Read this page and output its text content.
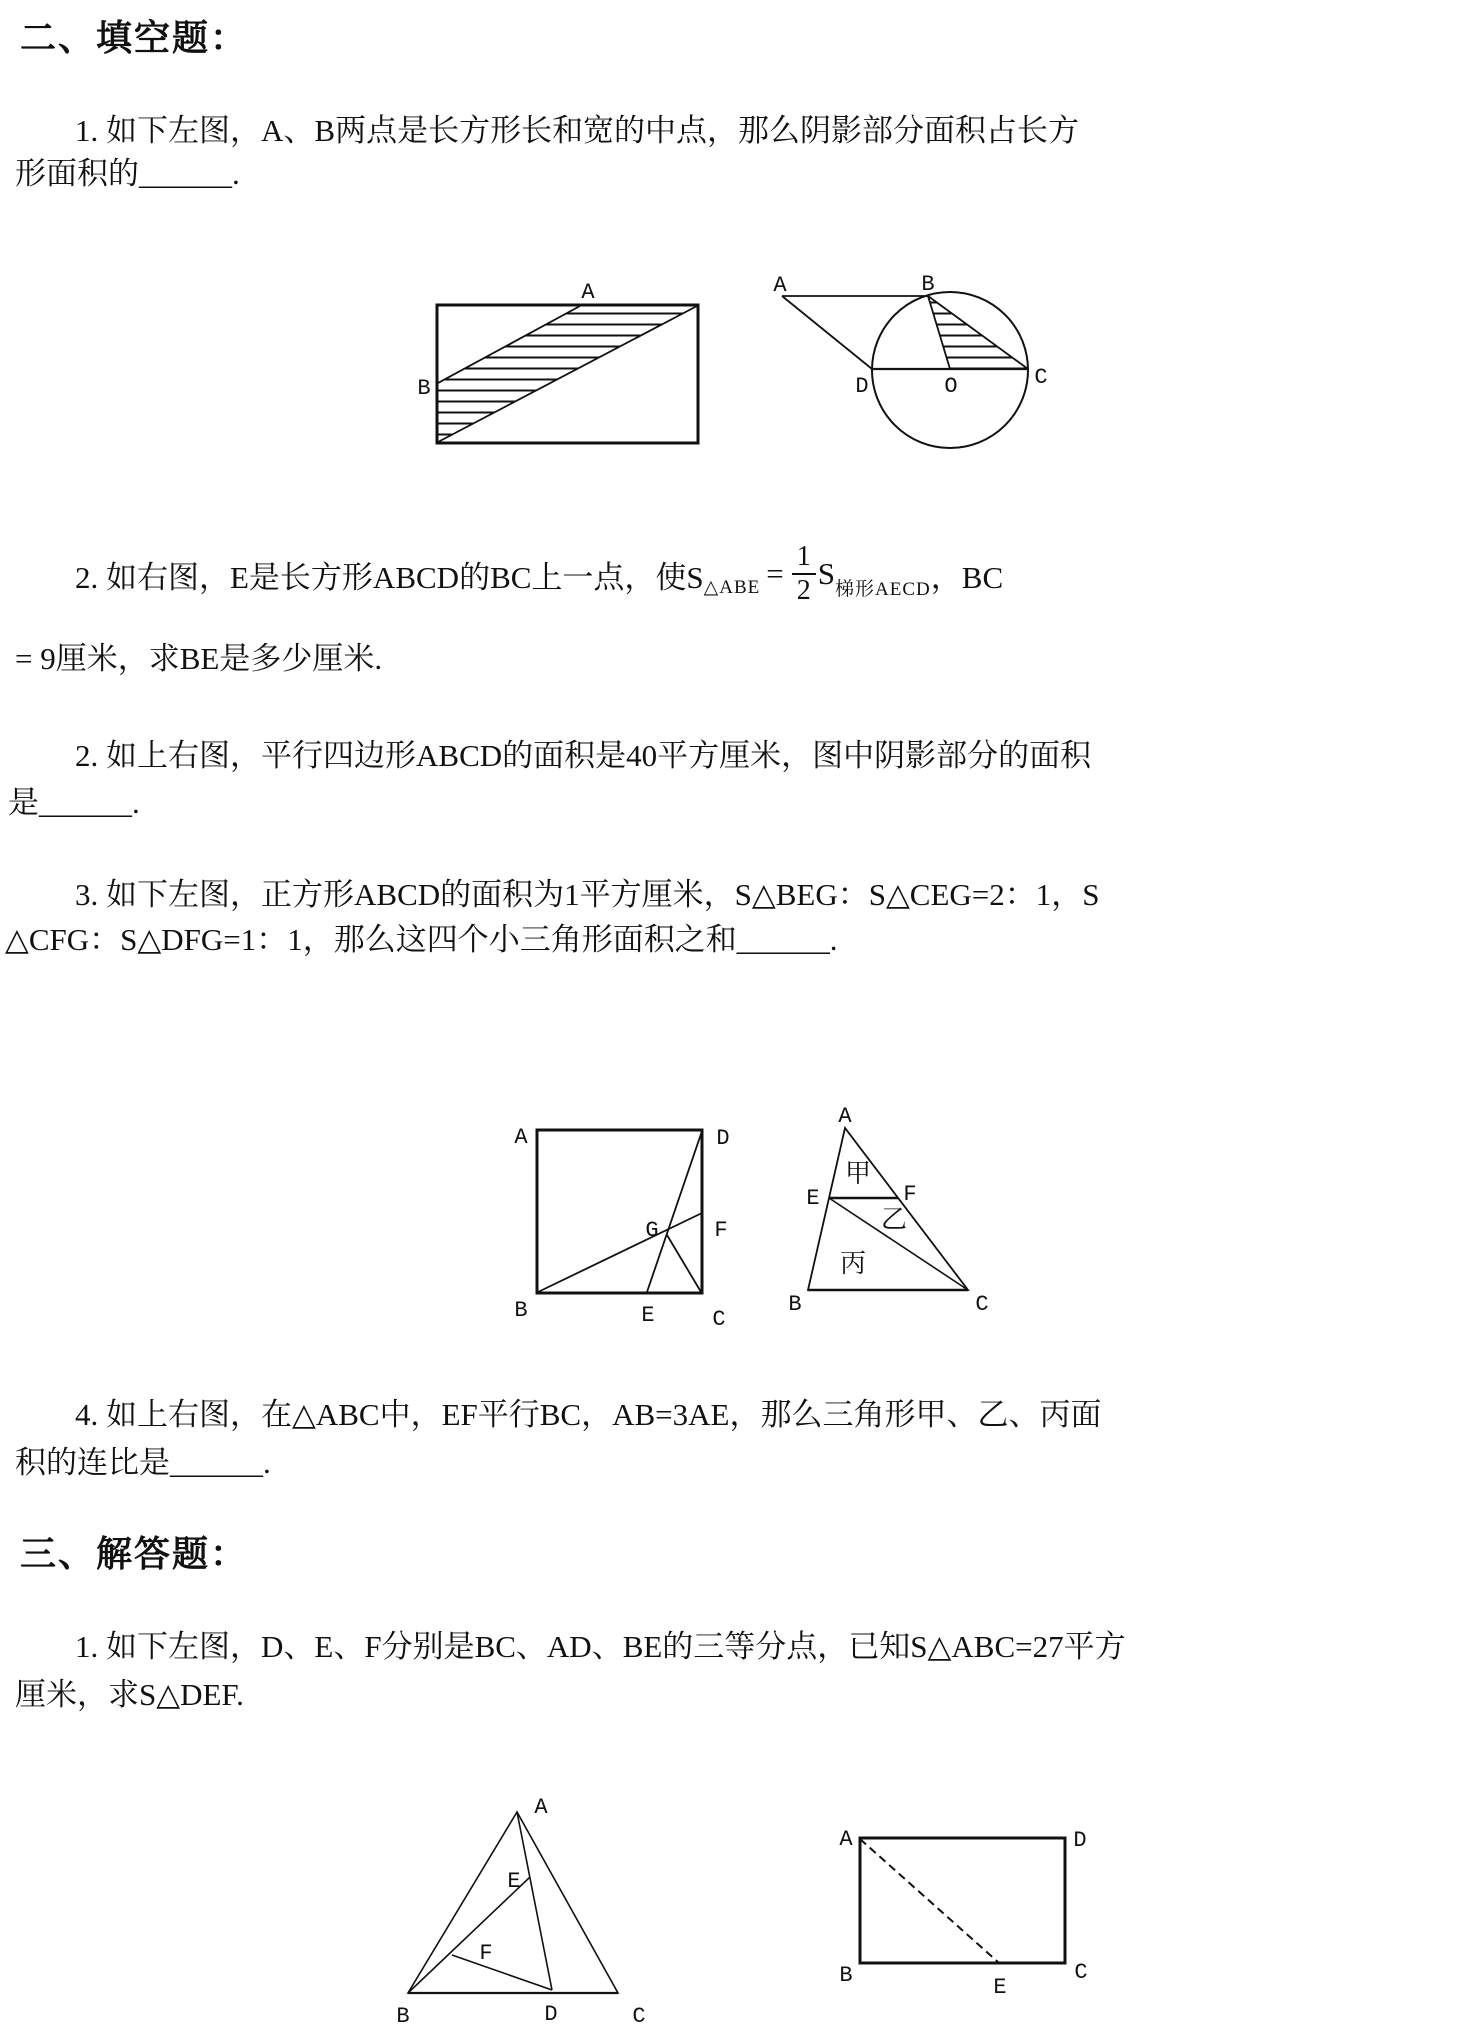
二、填空题：
1. 如下左图，A、B两点是长方形长和宽的中点，那么阴影部分面积占长方
形面积的______.
2. 如右图，E是长方形ABCD的BC上一点，使S △ABE = $\frac{1}{2}$ S 梯形AECD ，BC
= 9厘米，求BE是多少厘米.
2. 如上右图，平行四边形ABCD的面积是40平方厘米，图中阴影部分的面积
是______.
3. 如下左图，正方形ABCD的面积为1平方厘米，S△BEG：S△CEG=2：1，S
△CFG：S△DFG=1：1，那么这四个小三角形面积之和______.
4. 如上右图，在△ABC中，EF平行BC，AB=3AE，那么三角形甲、乙、丙面
积的连比是______.
三、解答题：
1. 如下左图，D、E、F分别是BC、AD、BE的三等分点，已知S△ABC=27平方
厘米，求S△DEF.
A
B
A	B
D	O	C
A	D
B	C
E
F
G
A
B	C
E	F
甲
乙
丙
A
B	C
D
E
F
A	D
B	C
E
